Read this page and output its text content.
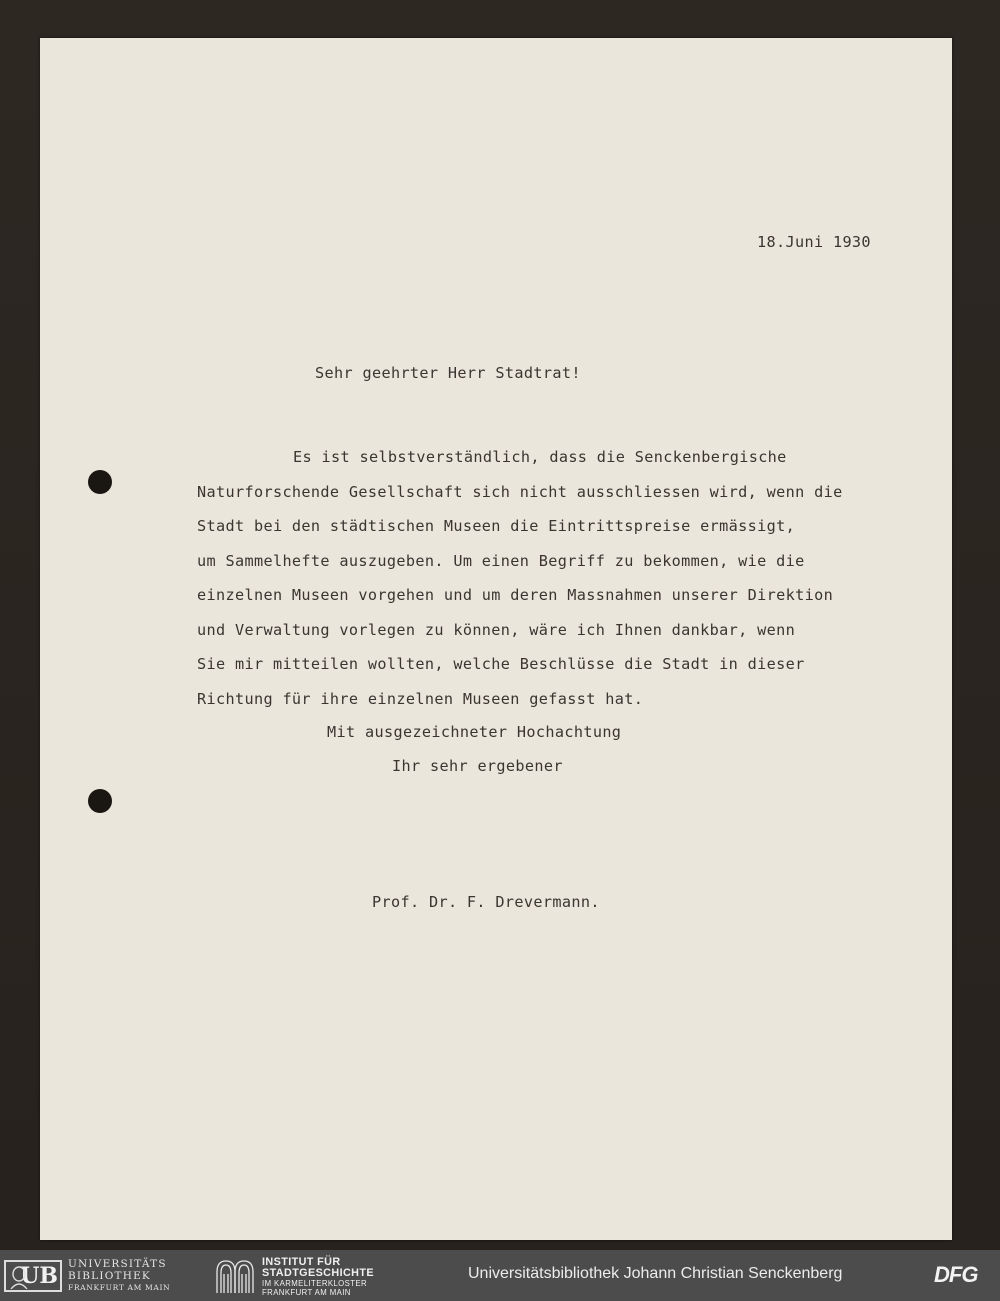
18.Juni 1930
Sehr geehrter Herr Stadtrat!
Es ist selbstverständlich, dass die Senckenbergische
Naturforschende Gesellschaft sich nicht ausschliessen wird, wenn die
Stadt bei den städtischen Museen die Eintrittspreise ermässigt,
um Sammelhefte auszugeben. Um einen Begriff zu bekommen, wie die
einzelnen Museen vorgehen und um deren Massnahmen unserer Direktion
und Verwaltung vorlegen zu können, wäre ich Ihnen dankbar, wenn
Sie mir mitteilen wollten, welche Beschlüsse die Stadt in dieser
Richtung für ihre einzelnen Museen gefasst hat.
Mit ausgezeichneter Hochachtung
Ihr sehr ergebener
Prof. Dr. F. Drevermann.
UB UNIVERSITÄTS
BIBLIOTHEK
FRANKFURT AM MAIN
INSTITUT FÜR
STADTGESCHICHTE
IM KARMELITERKLOSTER
FRANKFURT AM MAIN
Universitätsbibliothek Johann Christian Senckenberg	DFG
